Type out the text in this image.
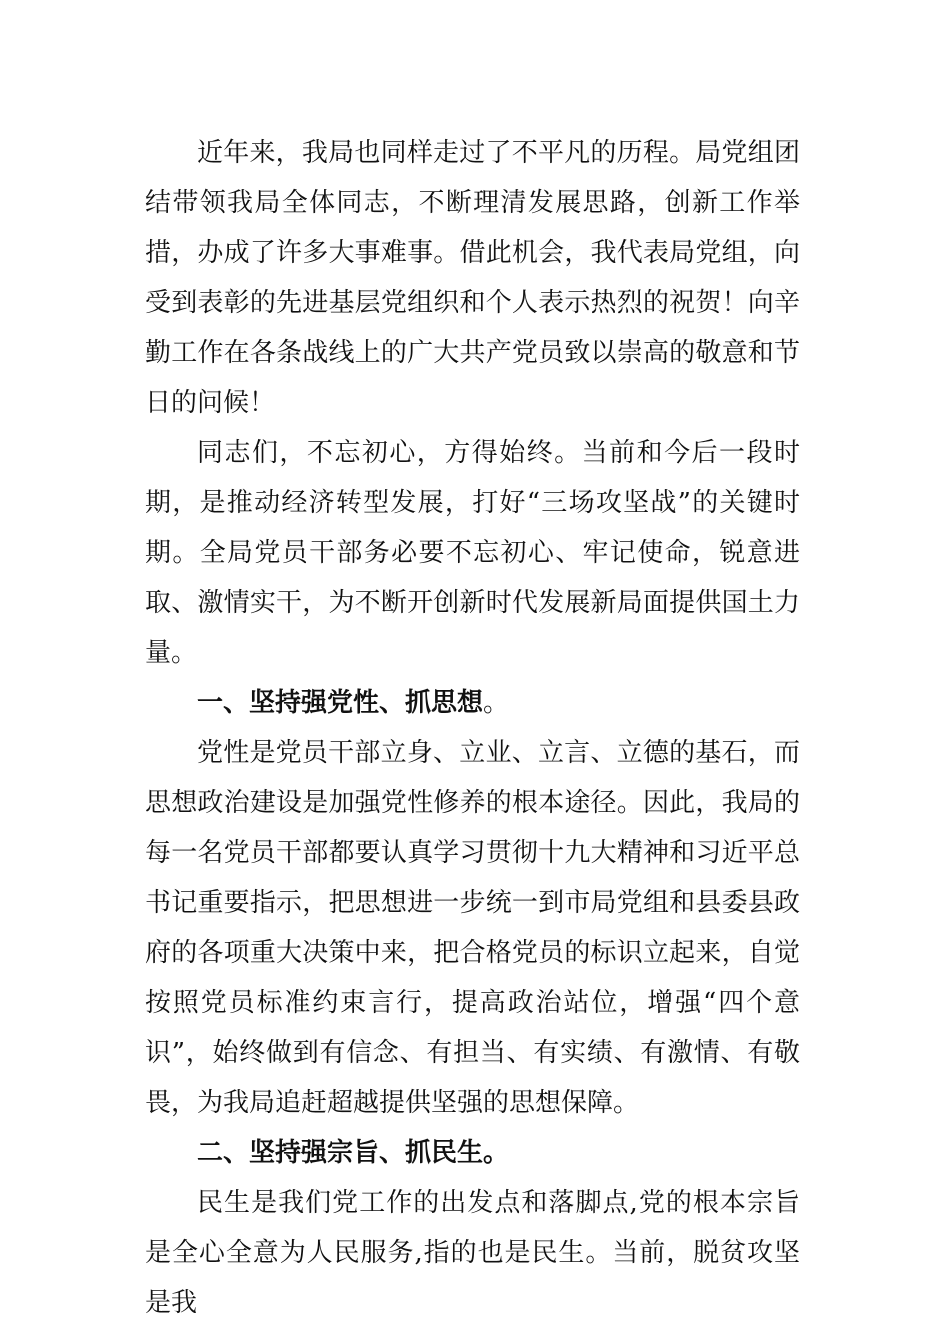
近年来，我局也同样走过了不平凡的历程。局党组团结带领我局全体同志，不断理清发展思路，创新工作举措，办成了许多大事难事。借此机会，我代表局党组，向受到表彰的先进基层党组织和个人表示热烈的祝贺！向辛勤工作在各条战线上的广大共产党员致以崇高的敬意和节日的问候！

同志们，不忘初心，方得始终。当前和今后一段时期，是推动经济转型发展，打好“三场攻坚战”的关键时期。全局党员干部务必要不忘初心、牢记使命，锐意进取、激情实干，为不断开创新时代发展新局面提供国土力量。

一、坚持强党性、抓思想。

党性是党员干部立身、立业、立言、立德的基石，而思想政治建设是加强党性修养的根本途径。因此，我局的每一名党员干部都要认真学习贯彻十九大精神和习近平总书记重要指示，把思想进一步统一到市局党组和县委县政府的各项重大决策中来，把合格党员的标识立起来，自觉按照党员标准约束言行，提高政治站位，增强“四个意识”，始终做到有信念、有担当、有实绩、有激情、有敬畏，为我局追赶超越提供坚强的思想保障。

二、坚持强宗旨、抓民生。

民生是我们党工作的出发点和落脚点,党的根本宗旨是全心全意为人民服务,指的也是民生。当前，脱贫攻坚是我
